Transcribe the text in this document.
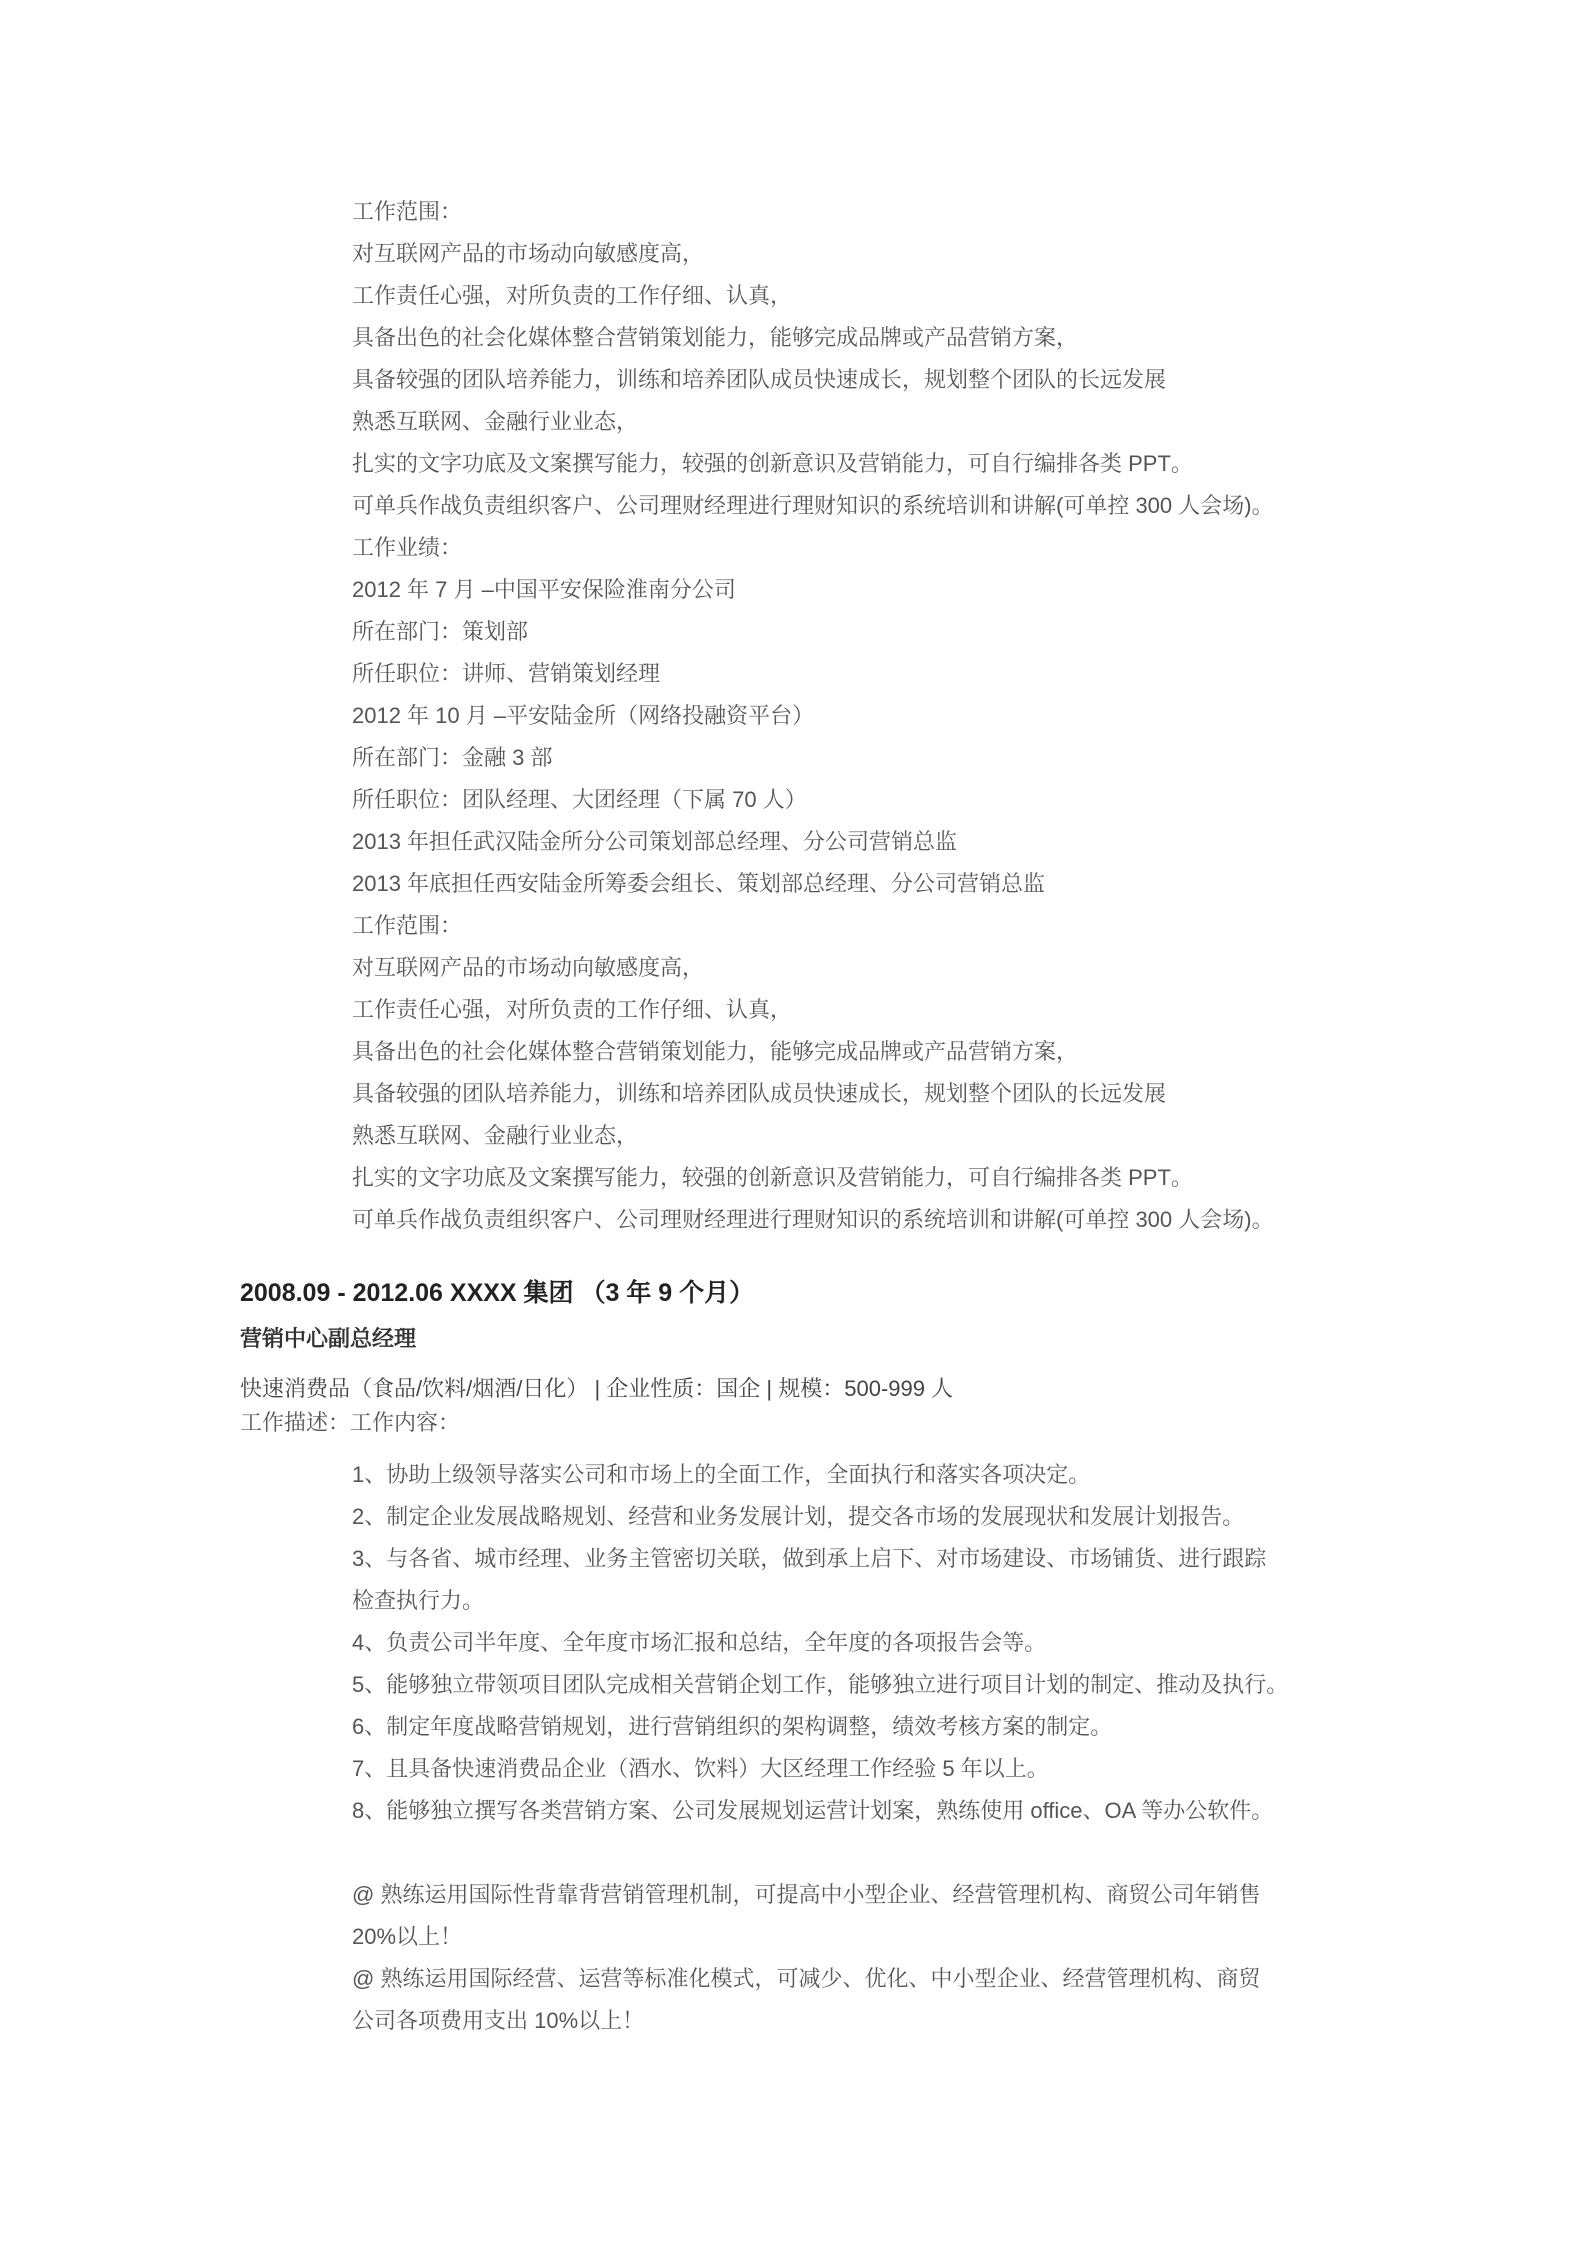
工作范围：
对互联网产品的市场动向敏感度高，
工作责任心强，对所负责的工作仔细、认真，
具备出色的社会化媒体整合营销策划能力，能够完成品牌或产品营销方案，
具备较强的团队培养能力，训练和培养团队成员快速成长，规划整个团队的长远发展
熟悉互联网、金融行业业态，
扎实的文字功底及文案撰写能力，较强的创新意识及营销能力，可自行编排各类 PPT。
可单兵作战负责组织客户、公司理财经理进行理财知识的系统培训和讲解(可单控 300 人会场)。
工作业绩：
2012 年 7 月 –中国平安保险淮南分公司
所在部门：策划部
所任职位：讲师、营销策划经理
2012 年 10 月 –平安陆金所（网络投融资平台）
所在部门：金融 3 部
所任职位：团队经理、大团经理（下属 70 人）
2013 年担任武汉陆金所分公司策划部总经理、分公司营销总监
2013 年底担任西安陆金所筹委会组长、策划部总经理、分公司营销总监
工作范围：
对互联网产品的市场动向敏感度高，
工作责任心强，对所负责的工作仔细、认真，
具备出色的社会化媒体整合营销策划能力，能够完成品牌或产品营销方案，
具备较强的团队培养能力，训练和培养团队成员快速成长，规划整个团队的长远发展
熟悉互联网、金融行业业态，
扎实的文字功底及文案撰写能力，较强的创新意识及营销能力，可自行编排各类 PPT。
可单兵作战负责组织客户、公司理财经理进行理财知识的系统培训和讲解(可单控 300 人会场)。
2008.09 - 2012.06 XXXX 集团 （3 年 9 个月）
营销中心副总经理
快速消费品（食品/饮料/烟酒/日化） | 企业性质：国企 | 规模：500-999 人
工作描述：工作内容：
1、协助上级领导落实公司和市场上的全面工作，全面执行和落实各项决定。
2、制定企业发展战略规划、经营和业务发展计划，提交各市场的发展现状和发展计划报告。
3、与各省、城市经理、业务主管密切关联，做到承上启下、对市场建设、市场铺货、进行跟踪
检查执行力。
4、负责公司半年度、全年度市场汇报和总结，全年度的各项报告会等。
5、能够独立带领项目团队完成相关营销企划工作，能够独立进行项目计划的制定、推动及执行。
6、制定年度战略营销规划，进行营销组织的架构调整，绩效考核方案的制定。
7、且具备快速消费品企业（酒水、饮料）大区经理工作经验 5 年以上。
8、能够独立撰写各类营销方案、公司发展规划运营计划案，熟练使用 office、OA 等办公软件。
@ 熟练运用国际性背靠背营销管理机制，可提高中小型企业、经营管理机构、商贸公司年销售
20%以上！
@ 熟练运用国际经营、运营等标准化模式，可减少、优化、中小型企业、经营管理机构、商贸
公司各项费用支出 10%以上！
